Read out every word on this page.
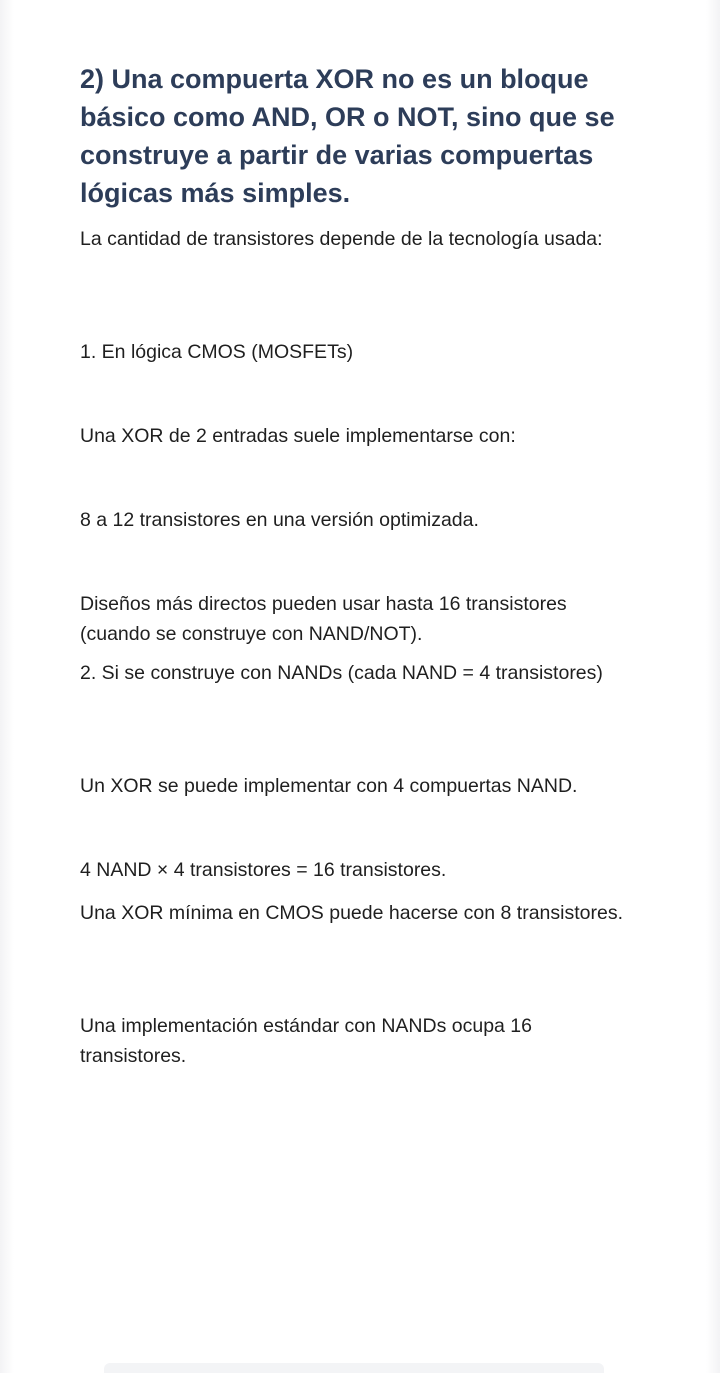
2) Una compuerta XOR no es un bloque básico como AND, OR o NOT, sino que se construye a partir de varias compuertas lógicas más simples.

La cantidad de transistores depende de la tecnología usada:

1. En lógica CMOS (MOSFETs)

Una XOR de 2 entradas suele implementarse con:

8 a 12 transistores en una versión optimizada.

Diseños más directos pueden usar hasta 16 transistores (cuando se construye con NAND/NOT).

2. Si se construye con NANDs (cada NAND = 4 transistores)

Un XOR se puede implementar con 4 compuertas NAND.

4 NAND × 4 transistores = 16 transistores.

Una XOR mínima en CMOS puede hacerse con 8 transistores.

Una implementación estándar con NANDs ocupa 16 transistores.
